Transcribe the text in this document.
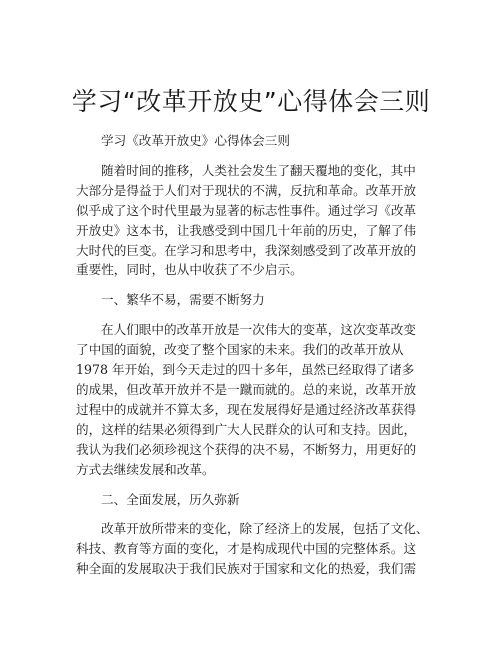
学习“改革开放史”心得体会三则

学习《改革开放史》心得体会三则

随着时间的推移，人类社会发生了翻天覆地的变化，其中
大部分是得益于人们对于现状的不满，反抗和革命。改革开放
似乎成了这个时代里最为显著的标志性事件。通过学习《改革
开放史》这本书，让我感受到中国几十年前的历史，了解了伟
大时代的巨变。在学习和思考中，我深刻感受到了改革开放的
重要性，同时，也从中收获了不少启示。

一、繁华不易，需要不断努力

在人们眼中的改革开放是一次伟大的变革，这次变革改变
了中国的面貌，改变了整个国家的未来。我们的改革开放从
1978 年开始，到今天走过的四十多年，虽然已经取得了诸多
的成果，但改革开放并不是一蹴而就的。总的来说，改革开放
过程中的成就并不算太多，现在发展得好是通过经济改革获得
的，这样的结果必须得到广大人民群众的认可和支持。因此，
我认为我们必须珍视这个获得的决不易，不断努力，用更好的
方式去继续发展和改革。

二、全面发展，历久弥新

改革开放所带来的变化，除了经济上的发展，包括了文化、
科技、教育等方面的变化，才是构成现代中国的完整体系。这
种全面的发展取决于我们民族对于国家和文化的热爱，我们需
